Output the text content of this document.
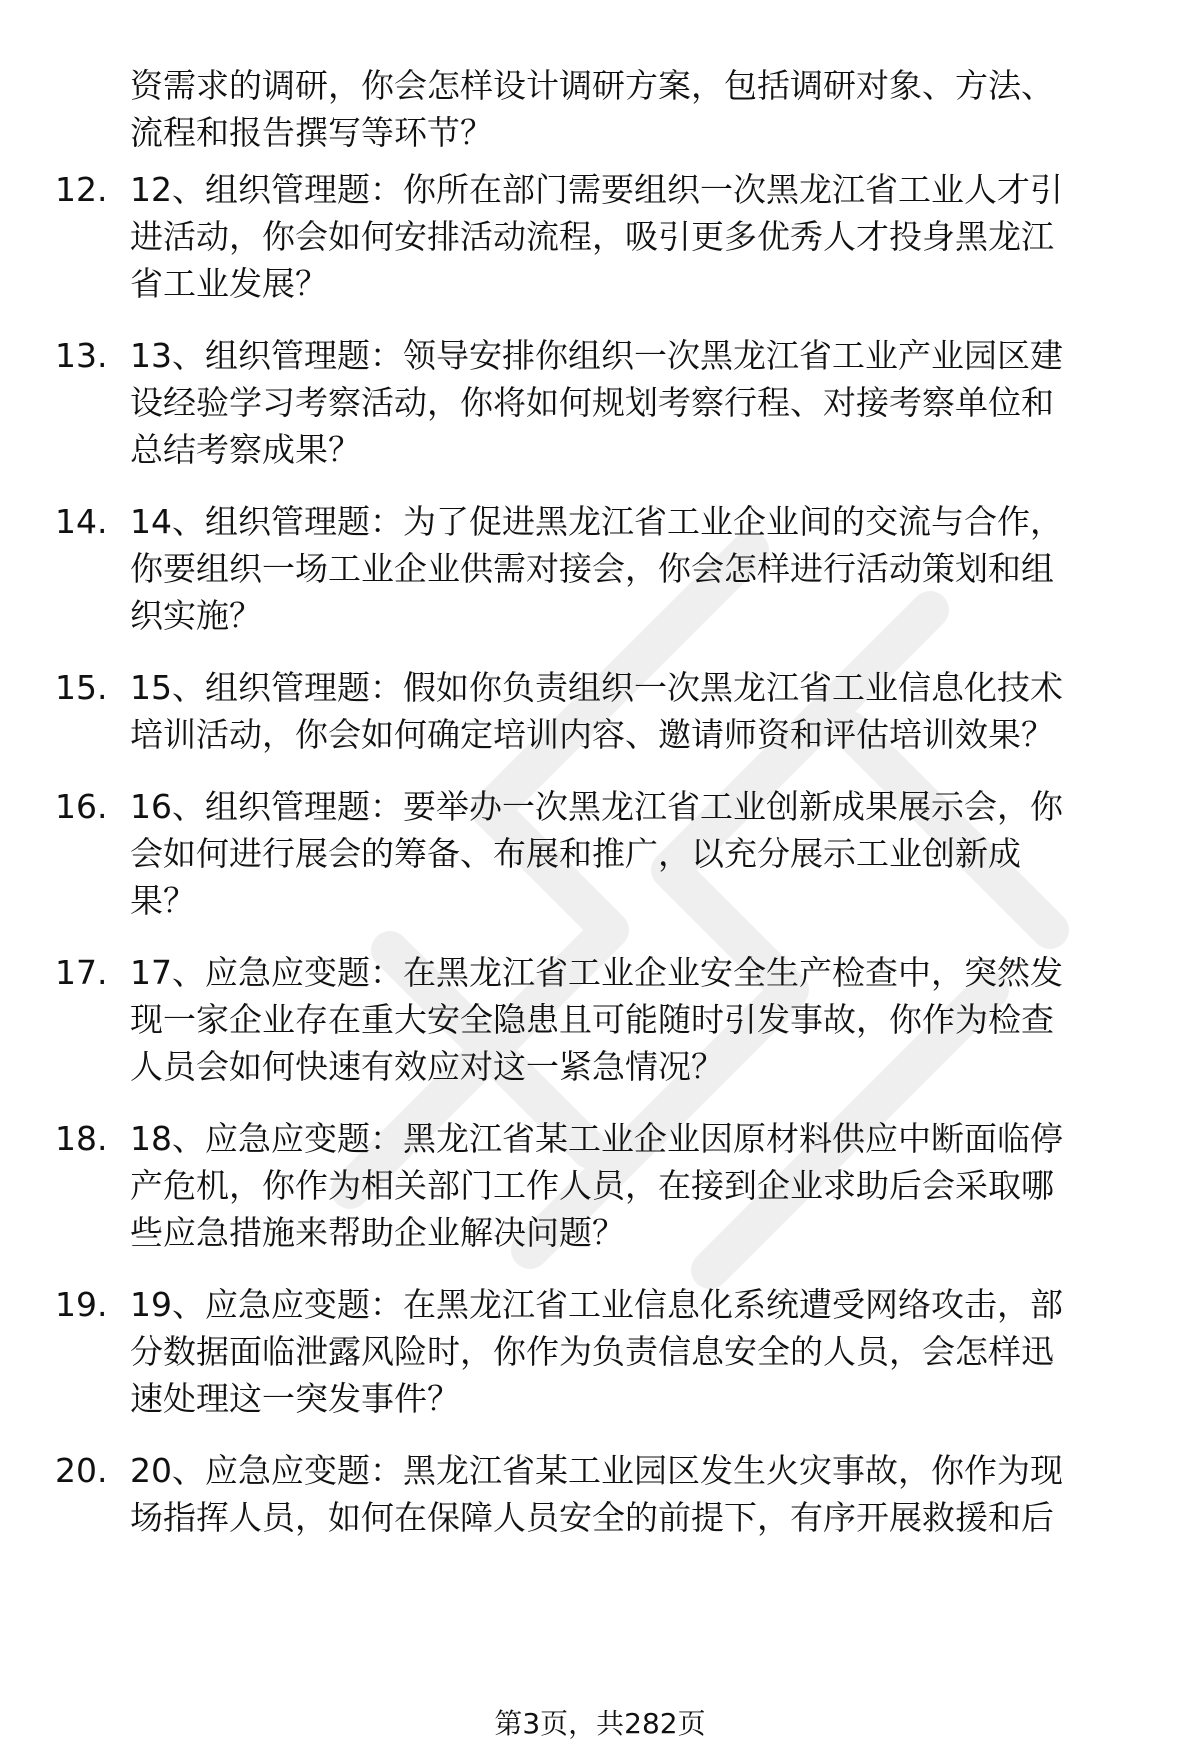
资需求的调研，你会怎样设计调研方案，包括调研对象、方法、
流程和报告撰写等环节？
12. 12、组织管理题：你所在部门需要组织一次黑龙江省工业人才引
进活动，你会如何安排活动流程，吸引更多优秀人才投身黑龙江
省工业发展？
13. 13、组织管理题：领导安排你组织一次黑龙江省工业产业园区建
设经验学习考察活动，你将如何规划考察行程、对接考察单位和
总结考察成果？
14. 14、组织管理题：为了促进黑龙江省工业企业间的交流与合作，
你要组织一场工业企业供需对接会，你会怎样进行活动策划和组
织实施？
15. 15、组织管理题：假如你负责组织一次黑龙江省工业信息化技术
培训活动，你会如何确定培训内容、邀请师资和评估培训效果？
16. 16、组织管理题：要举办一次黑龙江省工业创新成果展示会，你
会如何进行展会的筹备、布展和推广，以充分展示工业创新成
果？
17. 17、应急应变题：在黑龙江省工业企业安全生产检查中，突然发
现一家企业存在重大安全隐患且可能随时引发事故，你作为检查
人员会如何快速有效应对这一紧急情况？
18. 18、应急应变题：黑龙江省某工业企业因原材料供应中断面临停
产危机，你作为相关部门工作人员，在接到企业求助后会采取哪
些应急措施来帮助企业解决问题？
19. 19、应急应变题：在黑龙江省工业信息化系统遭受网络攻击，部
分数据面临泄露风险时，你作为负责信息安全的人员，会怎样迅
速处理这一突发事件？
20. 20、应急应变题：黑龙江省某工业园区发生火灾事故，你作为现
场指挥人员，如何在保障人员安全的前提下，有序开展救援和后
第3页，共282页
